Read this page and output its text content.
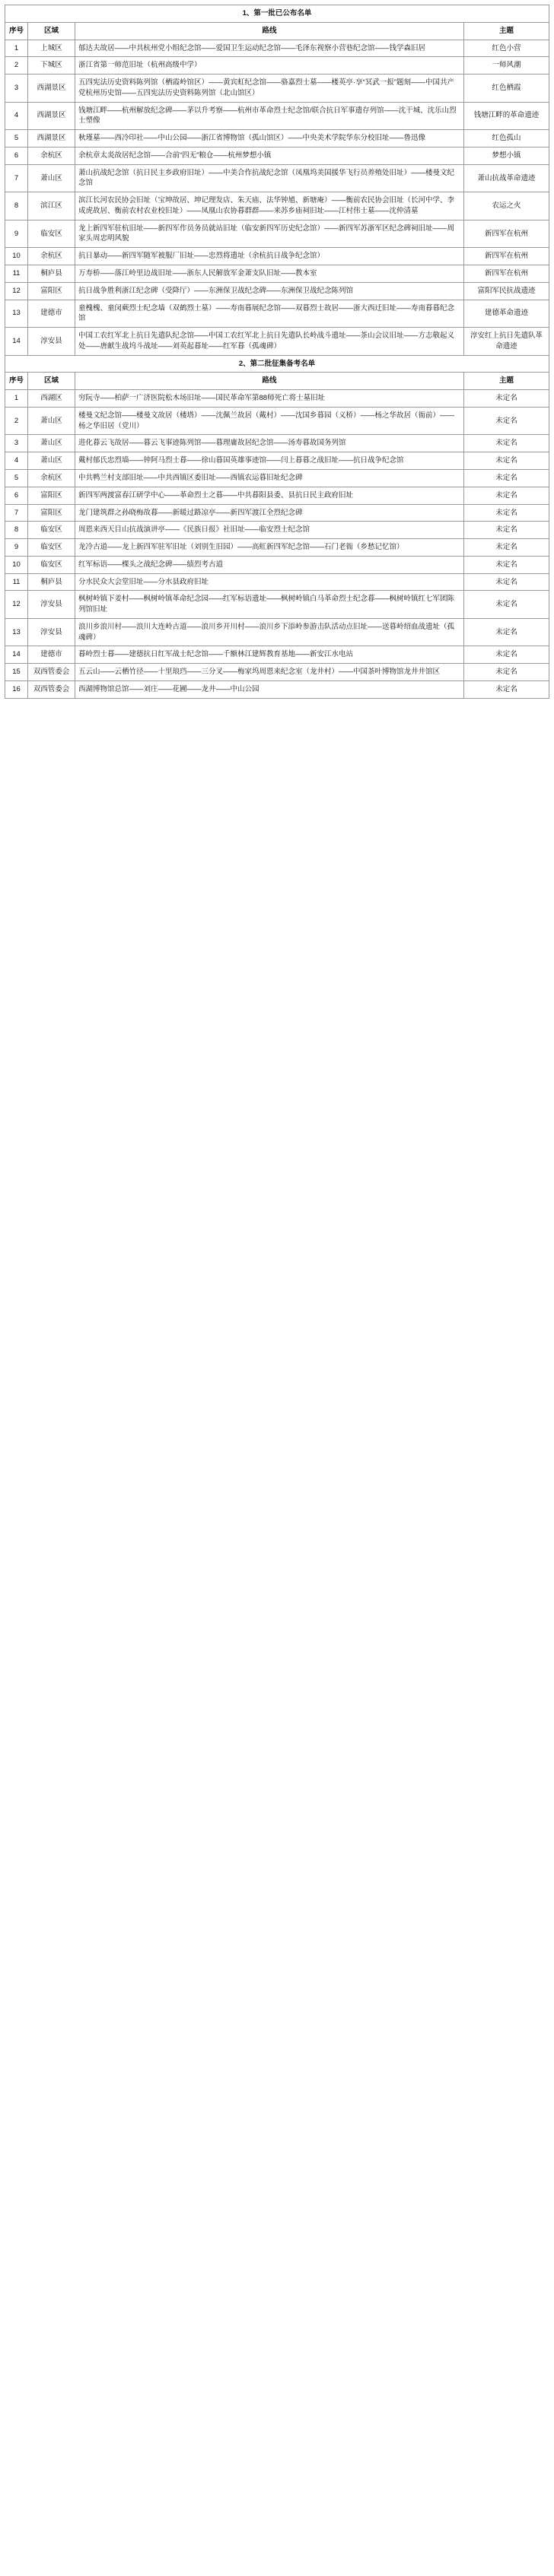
1、第一批已公布名单			
序号	区域	路线	主题
1	上城区	郁达夫故居——中共杭州党小组纪念馆——爱国卫生运动纪念馆——毛泽东视察小营巷纪念馆——钱学森旧居	红色小营
2	下城区	浙江省第一师范旧址（杭州高级中学）	一师风潮
3	西湖景区	五四宪法历史资料陈列馆（栖霞岭馆区）——黄宾虹纪念馆——骆嘉烈士墓——楼英亭·享“冥武一报”题刻——中国共产党杭州历史馆——五四宪法历史资料陈列馆（北山馆区）	红色栖霞
4	西湖景区	钱塘江畔——杭州解放纪念碑——茅以升考察——杭州市革命烈士纪念馆/联合抗日军事遗存列馆——沈干城、沈乐山烈士塑像	钱塘江畔的革命遗迹
5	西湖景区	秋瑾墓——西冷印社——中山公园——浙江省博物馆（孤山馆区）——中央美术学院华东分校旧址——鲁迅像	红色孤山
6	余杭区	余杭章太炎故居纪念馆——合前“四无”粮仓——杭州梦想小镇	梦想小镇
7	萧山区	萧山抗战纪念馆（抗日民主乡政府旧址）——中美合作抗战纪念馆（凤凰坞美国援华飞行员养殖处旧址）——楼曼文纪念馆	萧山抗战革命遗迹
8	滨江区	滨江长河农民协会旧址（宝坤故居、坤记理发店、朱天庙、法华钟馗、新塘庵）——衡前农民协会旧址（长河中学、李成虎故居、衡前农村农业校旧址）——凤凰山农协暮群群——来苏乡庙祠旧址——江村伟士墓——沈仲清墓	农运之火
9	临安区	龙上新四军驻杭旧址——新四军作员务员就站旧址（临安新四军历史纪念馆）——新四军苏浙军区纪念碑祠旧址——周家头周忠明风貌	新四军在杭州
10	余杭区	抗日暴动——新四军随军被服厂旧址——忠烈将遗址（余杭抗日战争纪念馆）	新四军在杭州
11	桐庐县	万寿桥——落江岭里边战旧址——浙东人民解放军金萧支队旧址——教本室	新四军在杭州
12	富阳区	抗日战争胜利浙江纪念碑（受降厅）——东洲保卫战纪念碑——东洲保卫战纪念陈列馆	富阳军民抗战遗迹
13	建德市	童槐槐、童闵蕨烈士纪念墙（双鹤烈士墓）——寿南暮展纪念馆——双暮烈士故居——浙大西迁旧址——寿南暮暮纪念馆	建德革命遗迹
14	淳安县	中国工农红军北上抗日先遣队纪念馆——中国工农红军北上抗日先遣队长岭战斗遗址——茶山会议旧址——方志敬起义处——唐献生战坞斗战址——刘英起暮址——红军暮（孤魂碑）	淳安红上抗日先遣队革命遗迹
2、第二批征集备考名单			
序号	区域	路线	主题
1	西湖区	穷阮寺——柏萨一广济医院松木场旧址——国民革命军第88师死亡将士墓旧址	未定名
2	萧山区	楼曼文纪念馆——楼曼文故居（楼塔）——沈佩兰故居（戴村）——沈国乡暮园（义桥）——杨之华故居（衙前）——杨之华旧居（党川）	未定名
3	萧山区	进化暮云飞故居——暮云飞事迹陈列馆——暮理庸故居纪念馆——汤寿暮故国务列馆	未定名
4	萧山区	戴村郁氏忠烈墙——钟阿马烈士暮——徐山暮国英雄事迹馆——闫上暮暮之战旧址——抗日战争纪念馆	未定名
5	余杭区	中共鸭兰村支部旧址——中共西镇区委旧址——西镇农运暮旧址纪念碑	未定名
6	富阳区	新四军两渡富春江研学中心——革命烈士之暮——中共暮阳县委、县抗日民主政府旧址	未定名
7	富阳区	龙门建筑群之孙晓梅故暮——新暖过路凉亭——新四军渡江全烈纪念碑	未定名
8	临安区	周恩来西天目山抗战演讲亭——《民族日报》社旧址——临安烈士纪念馆	未定名
9	临安区	龙冷古道——龙上新四军驻军旧址（刘别生旧园）——高虹新四军纪念馆——石门老衙（乡愁记忆馆）	未定名
10	临安区	红军标语——棵头之战纪念碑——绩烈考古道	未定名
11	桐庐县	分水民众大会堂旧址——分水县政府旧址	未定名
12	淳安县	枫树岭镇下姜村——枫树岭镇革命纪念园——红军标语遗址——枫树岭镇白马革命烈士纪念暮——枫树岭镇红七军团陈列馆旧址	未定名
13	淳安县	浪川乡浪川村——浪川大连岭古道——浪川乡开川村——浪川乡下添岭参游击队活动点旧址——送暮岭绍血战遗址（孤魂碑）	未定名
14	建德市	暮岭烈士暮——建德抗日红军战士纪念馆——千额林江建辉教育基地——新安江水电站	未定名
15	双西管委会	五云山——云栖竹径——十里琅珰——三分叉——梅家坞周恩来纪念室（龙井村）——中国茶叶博物馆龙井井馆区	未定名
16	双西管委会	西湖博物馆总馆——刘庄——花圃——龙井——中山公园	未定名
